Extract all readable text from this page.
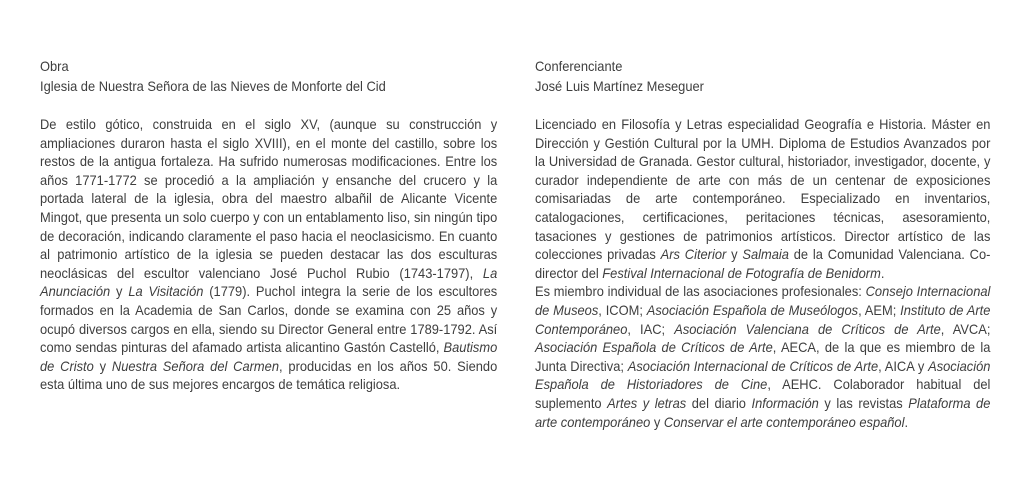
Obra
Iglesia de Nuestra Señora de las Nieves de Monforte del Cid

De estilo gótico, construida en el siglo XV, (aunque su construcción y ampliaciones duraron hasta el siglo XVIII), en el monte del castillo, sobre los restos de la antigua fortaleza. Ha sufrido numerosas modificaciones. Entre los años 1771-1772 se procedió a la ampliación y ensanche del crucero y la portada lateral de la iglesia, obra del maestro albañil de Alicante Vicente Mingot, que presenta un solo cuerpo y con un entablamento liso, sin ningún tipo de decoración, indicando claramente el paso hacia el neoclasicismo. En cuanto al patrimonio artístico de la iglesia se pueden destacar las dos esculturas neoclásicas del escultor valenciano José Puchol Rubio (1743-1797), La Anunciación y La Visitación (1779). Puchol integra la serie de los escultores formados en la Academia de San Carlos, donde se examina con 25 años y ocupó diversos cargos en ella, siendo su Director General entre 1789-1792. Así como sendas pinturas del afamado artista alicantino Gastón Castelló, Bautismo de Cristo y Nuestra Señora del Carmen, producidas en los años 50. Siendo esta última uno de sus mejores encargos de temática religiosa.

Conferenciante
José Luis Martínez Meseguer

Licenciado en Filosofía y Letras especialidad Geografía e Historia. Máster en Dirección y Gestión Cultural por la UMH. Diploma de Estudios Avanzados por la Universidad de Granada. Gestor cultural, historiador, investigador, docente, y curador independiente de arte con más de un centenar de exposiciones comisariadas de arte contemporáneo. Especializado en inventarios, catalogaciones, certificaciones, peritaciones técnicas, asesoramiento, tasaciones y gestiones de patrimonios artísticos. Director artístico de las colecciones privadas Ars Citerior y Salmaia de la Comunidad Valenciana. Co-director del Festival Internacional de Fotografía de Benidorm.

Es miembro individual de las asociaciones profesionales: Consejo Internacional de Museos, ICOM; Asociación Española de Museólogos, AEM; Instituto de Arte Contemporáneo, IAC; Asociación Valenciana de Críticos de Arte, AVCA; Asociación Española de Críticos de Arte, AECA, de la que es miembro de la Junta Directiva; Asociación Internacional de Críticos de Arte, AICA y Asociación Española de Historiadores de Cine, AEHC. Colaborador habitual del suplemento Artes y letras del diario Información y las revistas Plataforma de arte contemporáneo y Conservar el arte contemporáneo español.
